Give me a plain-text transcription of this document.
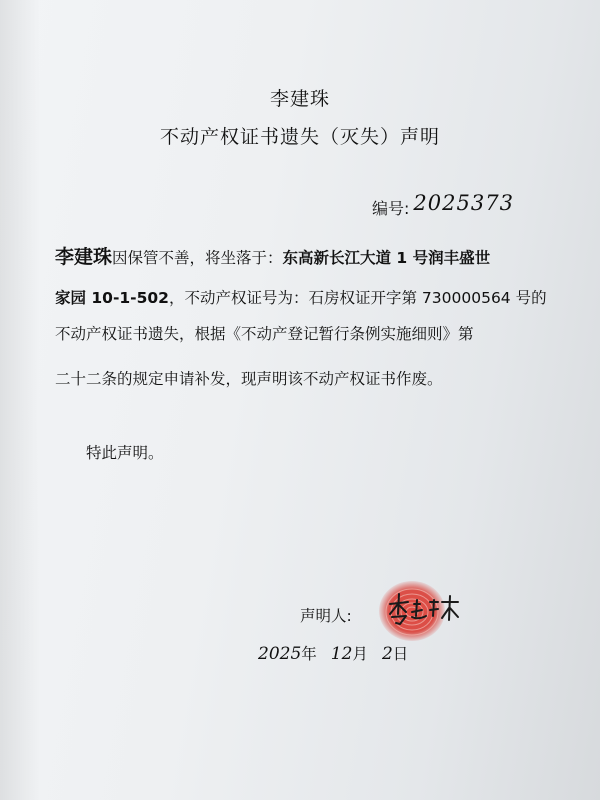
李建珠
不动产权证书遗失（灭失）声明
编号: 2025373
李建珠因保管不善，将坐落于：东高新长江大道 1 号润丰盛世
家园 10-1-502，不动产权证号为：石房权证开字第 730000564 号的
不动产权证书遗失，根据《不动产登记暂行条例实施细则》第
二十二条的规定申请补发，现声明该不动产权证书作废。
特此声明。
声明人:
2025年 12月 2日
